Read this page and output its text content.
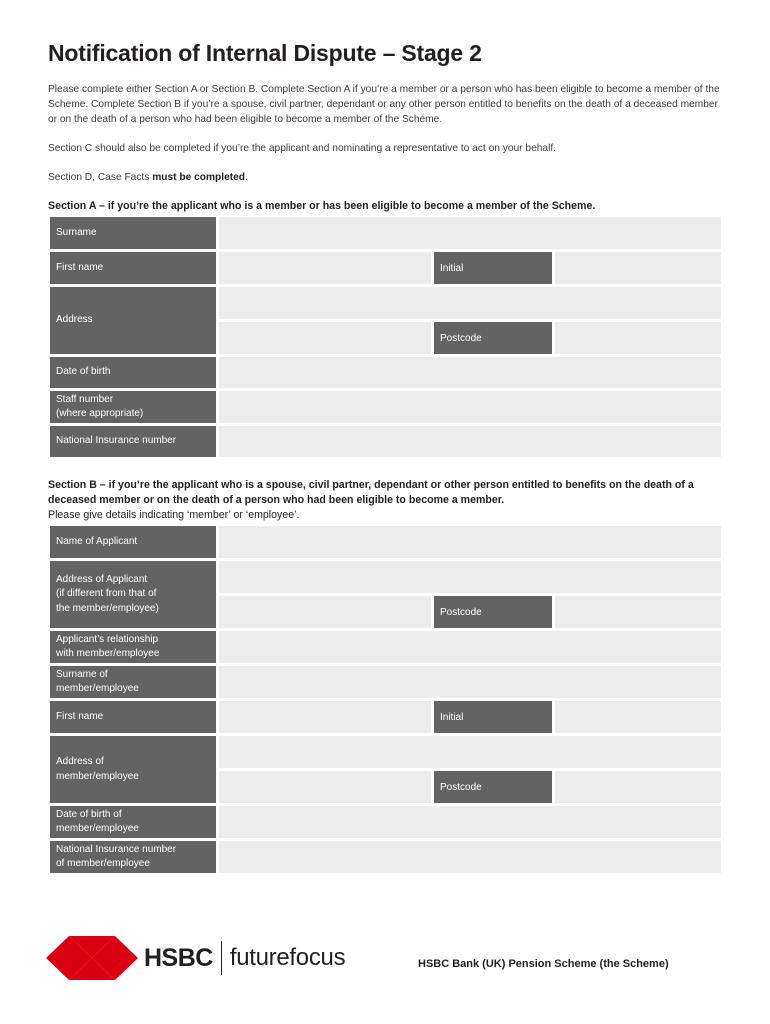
Notification of Internal Dispute – Stage 2

Please complete either Section A or Section B. Complete Section A if you’re a member or a person who has been eligible to become a member of the Scheme. Complete Section B if you’re a spouse, civil partner, dependant or any other person entitled to benefits on the death of a deceased member or on the death of a person who had been eligible to become a member of the Scheme.

Section C should also be completed if you’re the applicant and nominating a representative to act on your behalf.

Section D, Case Facts must be completed.

Section A – if you’re the applicant who is a member or has been eligible to become a member of the Scheme.
Surname
First name	Initial
Address
Postcode
Date of birth
Staff number
(where appropriate)
National Insurance number
Section B – if you’re the applicant who is a spouse, civil partner, dependant or other person entitled to benefits on the death of a deceased member or on the death of a person who had been eligible to become a member.
Please give details indicating ‘member’ or ‘employee’.
Name of Applicant
Address of Applicant
(if different from that of
the member/employee)	Postcode
Applicant’s relationship
with member/employee
Surname of
member/employee
First name	Initial
Address of
member/employee
Postcode
Date of birth of
member/employee
National Insurance number
of member/employee
HSBC futurefocus	HSBC Bank (UK) Pension Scheme (the Scheme)
